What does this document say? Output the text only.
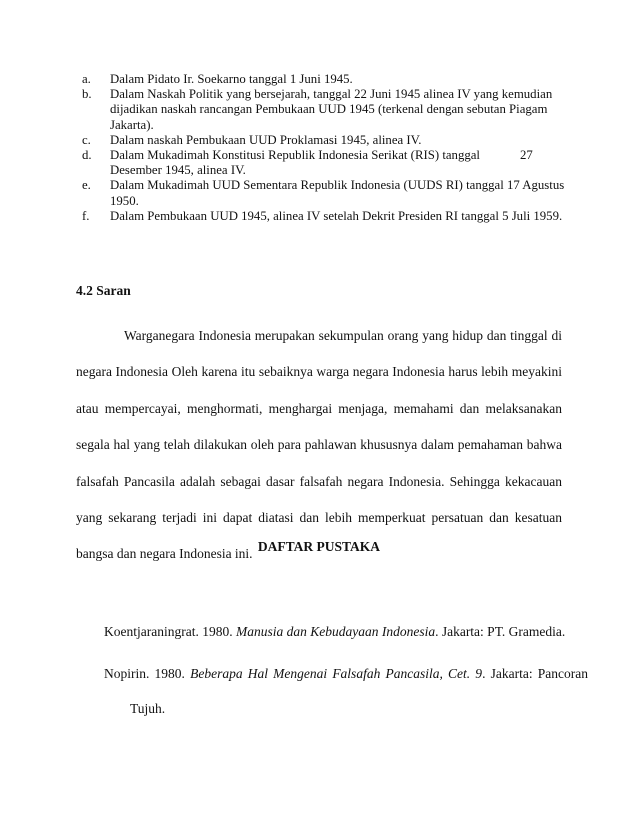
a.	Dalam Pidato Ir. Soekarno tanggal 1 Juni 1945.
b.	Dalam Naskah Politik yang bersejarah, tanggal 22 Juni 1945 alinea IV yang kemudian dijadikan naskah rancangan Pembukaan UUD 1945 (terkenal dengan sebutan Piagam Jakarta).
c.	Dalam naskah Pembukaan UUD Proklamasi 1945, alinea IV.
d.	Dalam Mukadimah Konstitusi Republik Indonesia Serikat (RIS) tanggal	27 Desember 1945, alinea IV.
e.	Dalam Mukadimah UUD Sementara Republik Indonesia (UUDS RI) tanggal 17 Agustus 1950.
f.	Dalam Pembukaan UUD 1945, alinea IV setelah Dekrit Presiden RI tanggal 5 Juli 1959.
4.2 Saran

Warganegara Indonesia merupakan sekumpulan orang yang hidup dan tinggal di negara Indonesia Oleh karena itu sebaiknya warga negara Indonesia harus lebih meyakini atau mempercayai, menghormati, menghargai menjaga, memahami dan melaksanakan segala hal yang telah dilakukan oleh para pahlawan khususnya dalam pemahaman bahwa falsafah Pancasila adalah sebagai dasar falsafah negara Indonesia. Sehingga kekacauan yang sekarang terjadi ini dapat diatasi dan lebih memperkuat persatuan dan kesatuan bangsa dan negara Indonesia ini. DAFTAR PUSTAKA

Koentjaraningrat. 1980. Manusia dan Kebudayaan Indonesia. Jakarta: PT. Gramedia.

Nopirin. 1980. Beberapa Hal Mengenai Falsafah Pancasila, Cet. 9. Jakarta: Pancoran Tujuh.
